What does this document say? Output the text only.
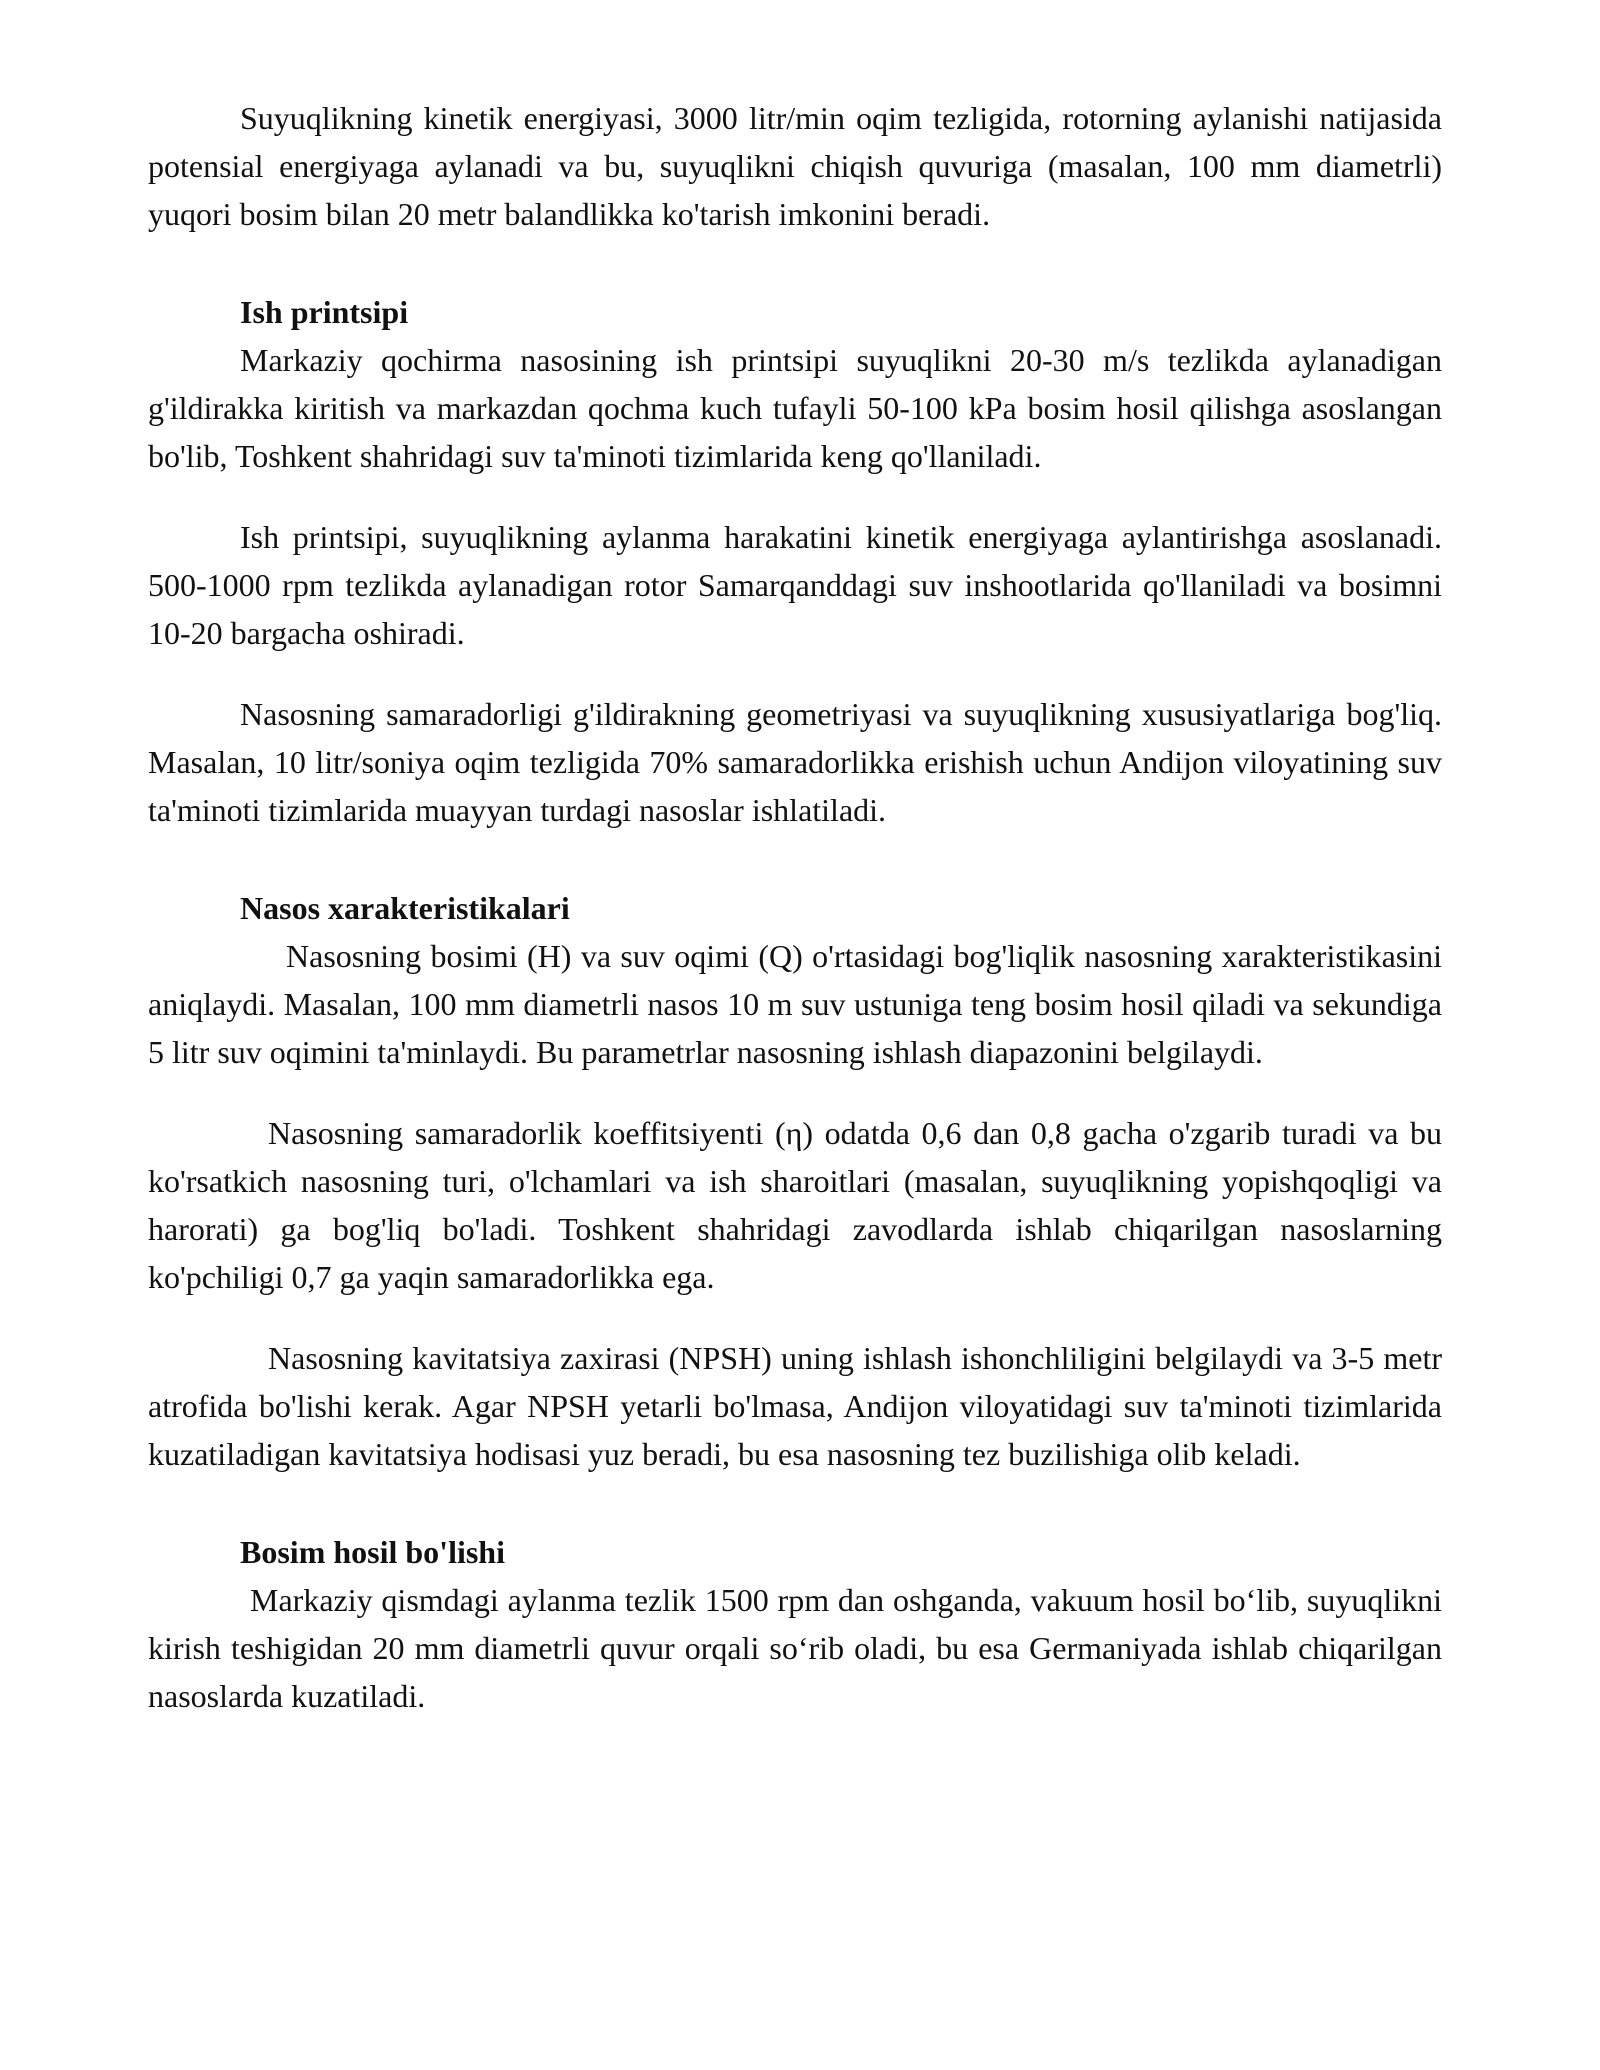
Suyuqlikning kinetik energiyasi, 3000 litr/min oqim tezligida, rotorning aylanishi natijasida potensial energiyaga aylanadi va bu, suyuqlikni chiqish quvuriga (masalan, 100 mm diametrli) yuqori bosim bilan 20 metr balandlikka ko'tarish imkonini beradi.

Ish printsipi

Markaziy qochirma nasosining ish printsipi suyuqlikni 20-30 m/s tezlikda aylanadigan g'ildirakka kiritish va markazdan qochma kuch tufayli 50-100 kPa bosim hosil qilishga asoslangan bo'lib, Toshkent shahridagi suv ta'minoti tizimlarida keng qo'llaniladi.

Ish printsipi, suyuqlikning aylanma harakatini kinetik energiyaga aylantirishga asoslanadi. 500-1000 rpm tezlikda aylanadigan rotor Samarqanddagi suv inshootlarida qo'llaniladi va bosimni 10-20 bargacha oshiradi.

Nasosning samaradorligi g'ildirakning geometriyasi va suyuqlikning xususiyatlariga bog'liq. Masalan, 10 litr/soniya oqim tezligida 70% samaradorlikka erishish uchun Andijon viloyatining suv ta'minoti tizimlarida muayyan turdagi nasoslar ishlatiladi.

Nasos xarakteristikalari

Nasosning bosimi (H) va suv oqimi (Q) o'rtasidagi bog'liqlik nasosning xarakteristikasini aniqlaydi. Masalan, 100 mm diametrli nasos 10 m suv ustuniga teng bosim hosil qiladi va sekundiga 5 litr suv oqimini ta'minlaydi. Bu parametrlar nasosning ishlash diapazonini belgilaydi.

Nasosning samaradorlik koeffitsiyenti (η) odatda 0,6 dan 0,8 gacha o'zgarib turadi va bu ko'rsatkich nasosning turi, o'lchamlari va ish sharoitlari (masalan, suyuqlikning yopishqoqligi va harorati) ga bog'liq bo'ladi. Toshkent shahridagi zavodlarda ishlab chiqarilgan nasoslarning ko'pchiligi 0,7 ga yaqin samaradorlikka ega.

Nasosning kavitatsiya zaxirasi (NPSH) uning ishlash ishonchliligini belgilaydi va 3-5 metr atrofida bo'lishi kerak. Agar NPSH yetarli bo'lmasa, Andijon viloyatidagi suv ta'minoti tizimlarida kuzatiladigan kavitatsiya hodisasi yuz beradi, bu esa nasosning tez buzilishiga olib keladi.

Bosim hosil bo'lishi

Markaziy qismdagi aylanma tezlik 1500 rpm dan oshganda, vakuum hosil bo‘lib, suyuqlikni kirish teshigidan 20 mm diametrli quvur orqali so‘rib oladi, bu esa Germaniyada ishlab chiqarilgan nasoslarda kuzatiladi.
